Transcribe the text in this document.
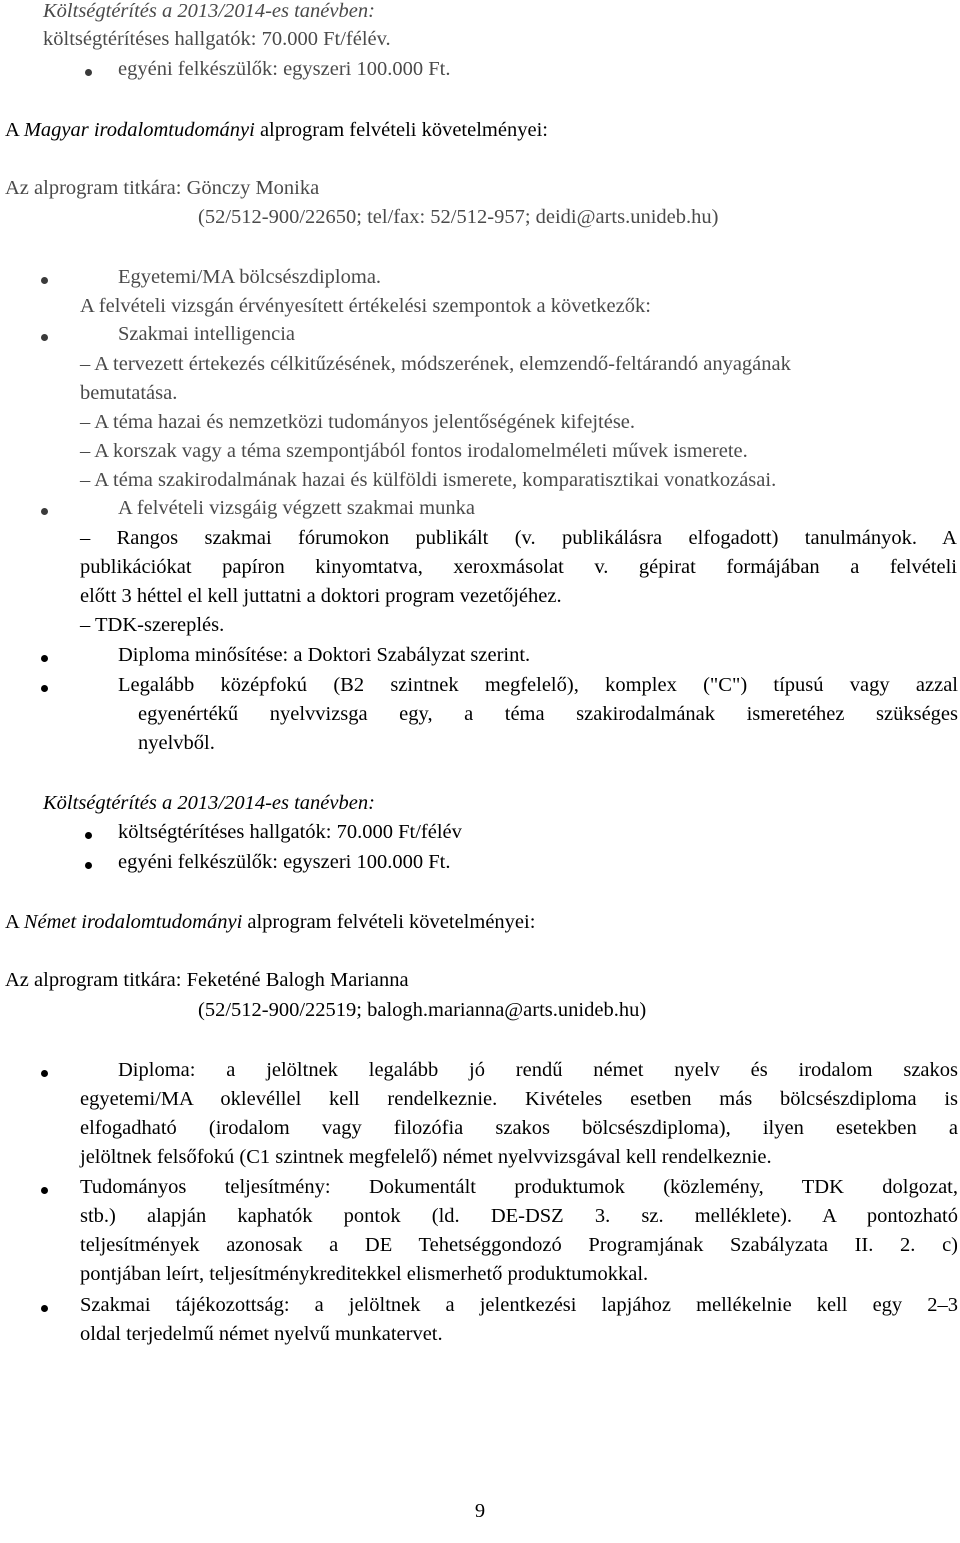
Költségtérítés a 2013/2014-es tanévben:

költségtérítéses hallgatók: 70.000 Ft/félév.

egyéni felkészülők: egyszeri 100.000 Ft.

A Magyar irodalomtudományi alprogram felvételi követelményei:

Az alprogram titkára: Gönczy Monika

(52/512-900/22650; tel/fax: 52/512-957; deidi@arts.unideb.hu)

Egyetemi/MA bölcsészdiploma.

A felvételi vizsgán érvényesített értékelési szempontok a következők:

Szakmai intelligencia

– A tervezett értekezés célkitűzésének, módszerének, elemzendő-feltárandó anyagának

bemutatása.

– A téma hazai és nemzetközi tudományos jelentőségének kifejtése.

– A korszak vagy a téma szempontjából fontos irodalomelméleti művek ismerete.

– A téma szakirodalmának hazai és külföldi ismerete, komparatisztikai vonatkozásai.

A felvételi vizsgáig végzett szakmai munka

– Rangos szakmai fórumokon publikált (v. publikálásra elfogadott) tanulmányok. A

publikációkat papíron kinyomtatva, xeroxmásolat v. gépirat formájában a felvételi

előtt 3 héttel el kell juttatni a doktori program vezetőjéhez.

– TDK-szereplés.

Diploma minősítése: a Doktori Szabályzat szerint.

Legalább középfokú (B2 szintnek megfelelő), komplex ("C") típusú vagy azzal

egyenértékű nyelvvizsga egy, a téma szakirodalmának ismeretéhez szükséges

nyelvből.

Költségtérítés a 2013/2014-es tanévben:

költségtérítéses hallgatók: 70.000 Ft/félév

egyéni felkészülők: egyszeri 100.000 Ft.

A Német irodalomtudományi alprogram felvételi követelményei:

Az alprogram titkára: Feketéné Balogh Marianna

(52/512-900/22519; balogh.marianna@arts.unideb.hu)

Diploma: a jelöltnek legalább jó rendű német nyelv és irodalom szakos

egyetemi/MA oklevéllel kell rendelkeznie. Kivételes esetben más bölcsészdiploma is

elfogadható (irodalom vagy filozófia szakos bölcsészdiploma), ilyen esetekben a

jelöltnek felsőfokú (C1 szintnek megfelelő) német nyelvvizsgával kell rendelkeznie.

Tudományos teljesítmény: Dokumentált produktumok (közlemény, TDK dolgozat,

stb.) alapján kaphatók pontok (ld. DE-DSZ 3. sz. melléklete). A pontozható

teljesítmények azonosak a DE Tehetséggondozó Programjának Szabályzata II. 2. c)

pontjában leírt, teljesítménykreditekkel elismerhető produktumokkal.

Szakmai tájékozottság: a jelöltnek a jelentkezési lapjához mellékelnie kell egy 2–3

oldal terjedelmű német nyelvű munkatervet.

9
